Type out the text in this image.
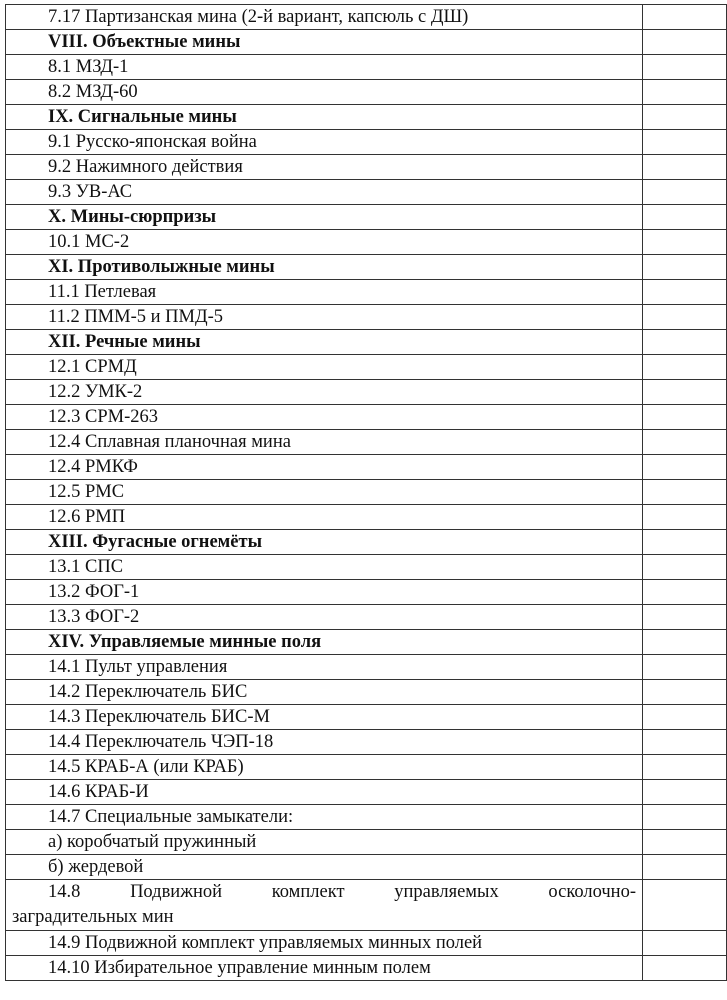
7.17 Партизанская мина (2-й вариант, капсюль с ДШ)	
VIII. Объектные мины	
8.1 МЗД-1	
8.2 МЗД-60	
IX. Сигнальные мины	
9.1 Русско-японская война	
9.2 Нажимного действия	
9.3 УВ-АС	
X. Мины-сюрпризы	
10.1 МС-2	
XI. Противолыжные мины	
11.1 Петлевая	
11.2 ПММ-5 и ПМД-5	
XII. Речные мины	
12.1 СРМД	
12.2 УМК-2	
12.3 СРМ-263	
12.4 Сплавная планочная мина	
12.4 РМКФ	
12.5 РМС	
12.6 РМП	
XIII. Фугасные огнемёты	
13.1 СПС	
13.2 ФОГ-1	
13.3 ФОГ-2	
XIV. Управляемые минные поля	
14.1 Пульт управления	
14.2 Переключатель БИС	
14.3 Переключатель БИС-М	
14.4 Переключатель ЧЭП-18	
14.5 КРАБ-А (или КРАБ)	
14.6 КРАБ-И	
14.7 Специальные замыкатели:	
а) коробчатый пружинный	
б) жердевой	

14.8 Подвижной комплект управляемых осколочно-
заградительных мин	

14.9 Подвижной комплект управляемых минных полей	
14.10 Избирательное управление минным полем	
